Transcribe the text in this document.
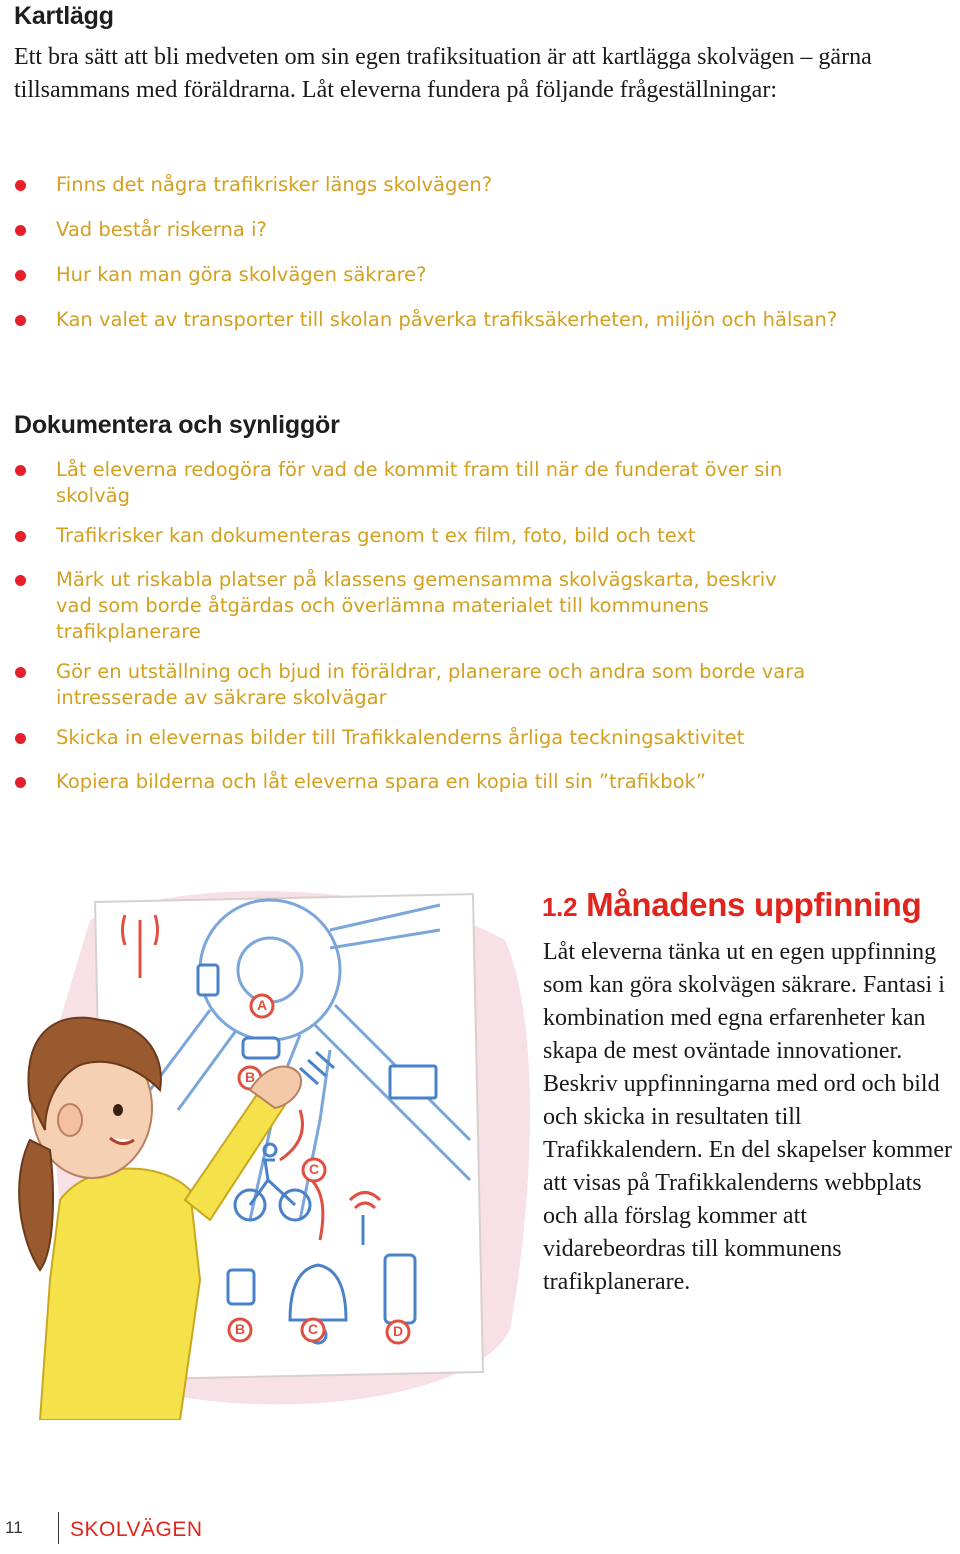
Kartlägg
Ett bra sätt att bli medveten om sin egen trafiksituation är att kartlägga skolvägen – gärna tillsammans med föräldrarna. Låt eleverna fundera på följande frågeställningar:
Finns det några trafikrisker längs skolvägen?
Vad består riskerna i?
Hur kan man göra skolvägen säkrare?
Kan valet av transporter till skolan påverka trafiksäkerheten, miljön och hälsan?
Dokumentera och synliggör
Låt eleverna redogöra för vad de kommit fram till när de funderat över sin skolväg
Trafikrisker kan dokumenteras genom t ex film, foto, bild och text
Märk ut riskabla platser på klassens gemensamma skolvägskarta, beskriv vad som borde åtgärdas och överlämna materialet till kommunens trafikplanerare
Gör en utställning och bjud in föräldrar, planerare och andra som borde vara intresserade av säkrare skolvägar
Skicka in elevernas bilder till Trafikkalenderns årliga teckningsaktivitet
Kopiera bilderna och låt eleverna spara en kopia till sin ”trafikbok”
A
B
C
B	C	D
1.2 Månadens uppfinning
Låt eleverna tänka ut en egen uppfinning som kan göra skolvägen säkrare. Fantasi i kombination med egna erfarenheter kan skapa de mest oväntade innovationer. Beskriv uppfinningarna med ord och bild och skicka in resultaten till Trafikkalendern. En del skapelser kommer att visas på Trafikkalenderns webbplats och alla förslag kommer att vidarebeordras till kommunens trafikplanerare.
11 SKOLVÄGEN
